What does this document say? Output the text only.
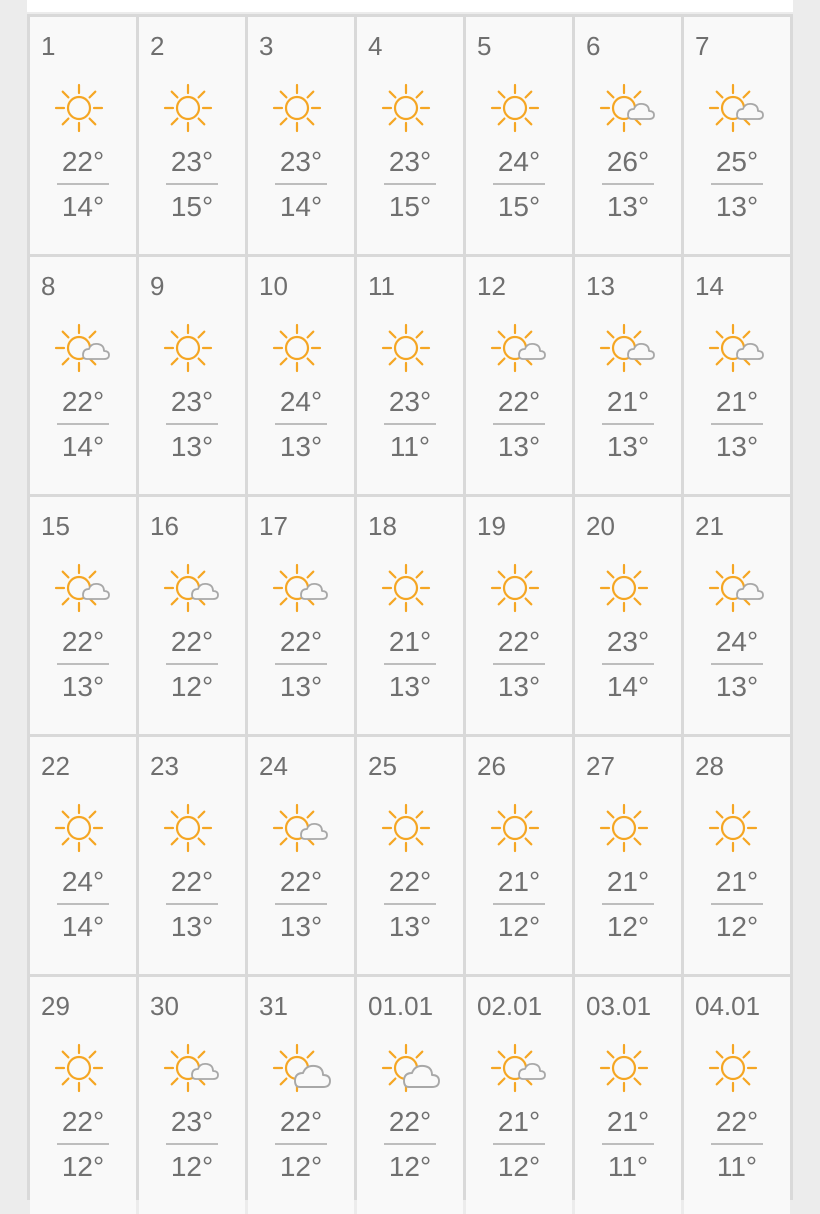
1
22°
14°
2
23°
15°
3
23°
14°
4
23°
15°
5
24°
15°
6
26°
13°
7
25°
13°
8
22°
14°
9
23°
13°
10
24°
13°
11
23°
11°
12
22°
13°
13
21°
13°
14
21°
13°
15
22°
13°
16
22°
12°
17
22°
13°
18
21°
13°
19
22°
13°
20
23°
14°
21
24°
13°
22
24°
14°
23
22°
13°
24
22°
13°
25
22°
13°
26
21°
12°
27
21°
12°
28
21°
12°
29
22°
12°
30
23°
12°
31
22°
12°
01.01
22°
12°
02.01
21°
12°
03.01
21°
11°
04.01
22°
11°
